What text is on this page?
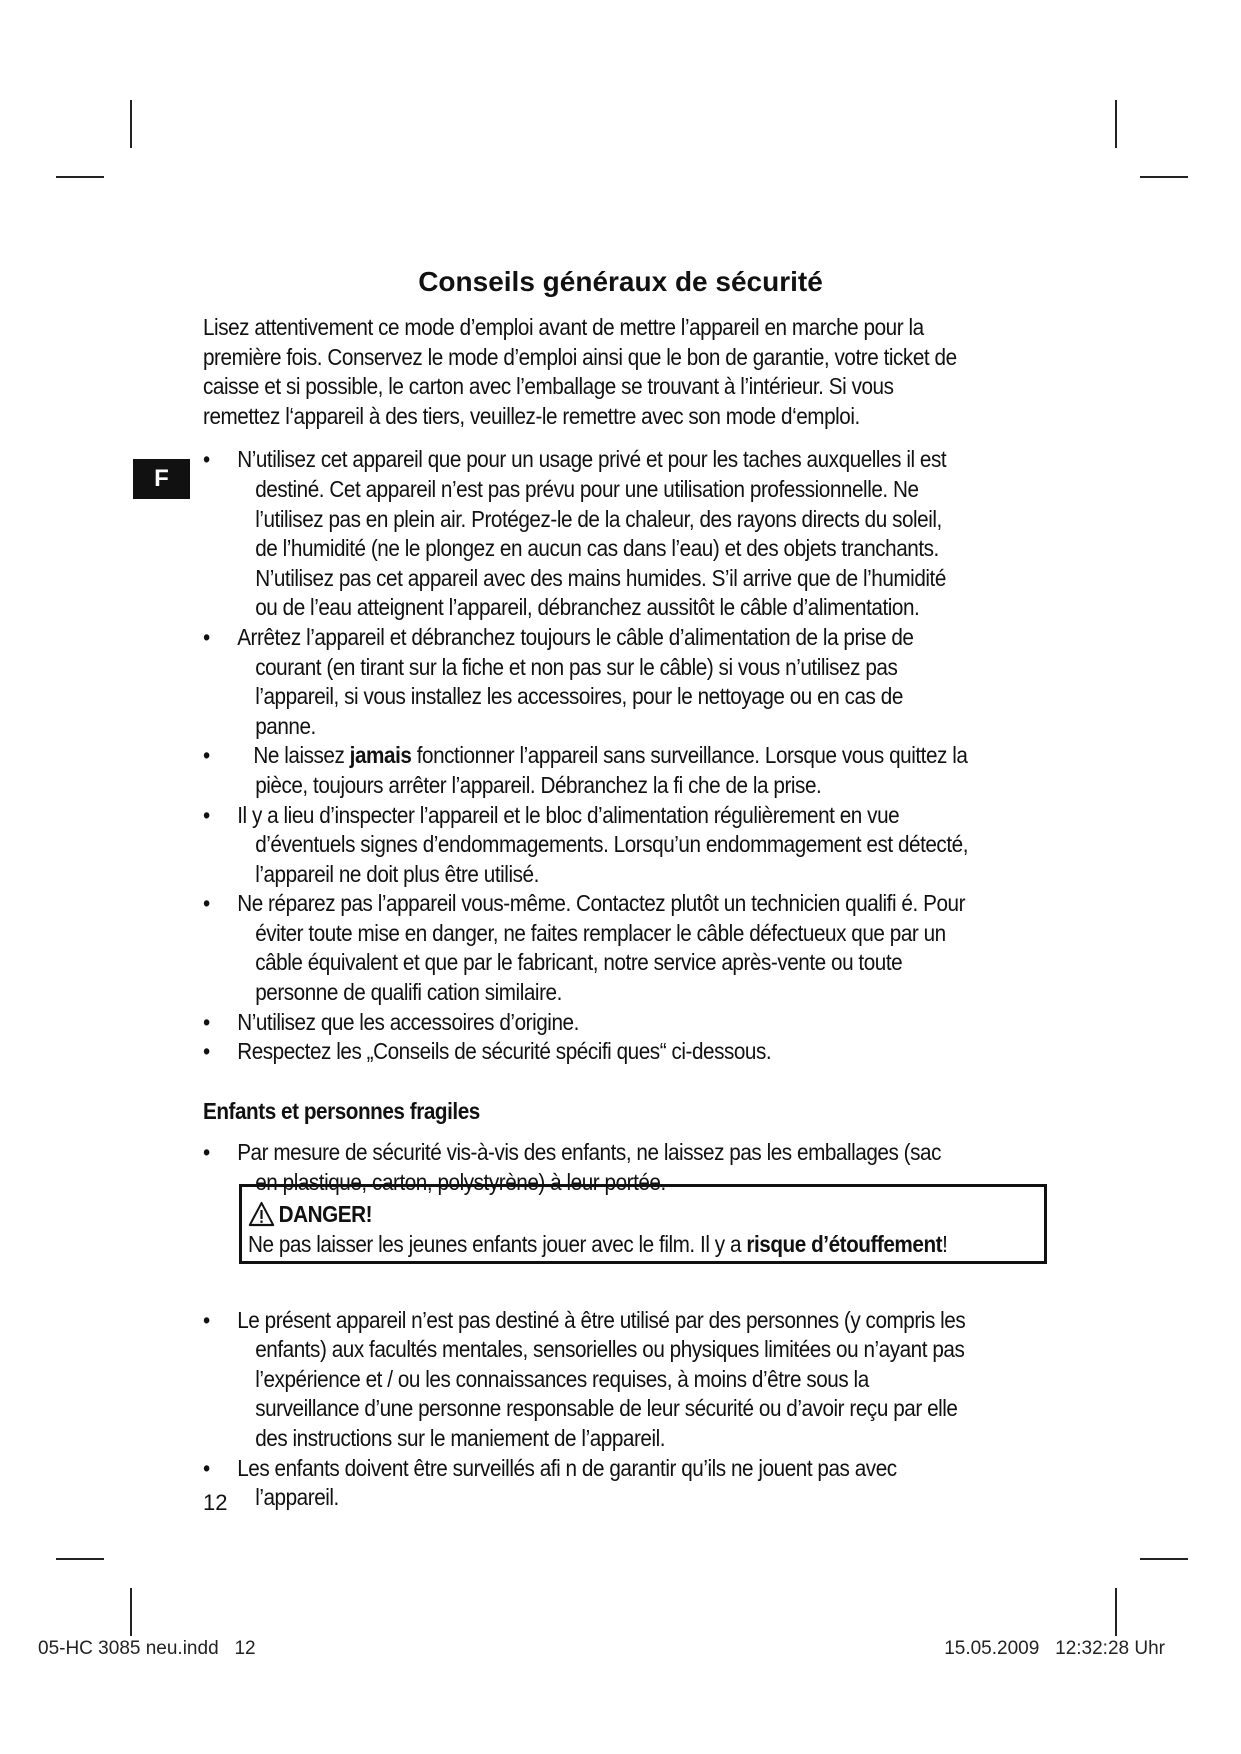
F
Conseils généraux de sécurité

Lisez attentivement ce mode d’emploi avant de mettre l’appareil en marche pour la première fois. Conservez le mode d’emploi ainsi que le bon de garantie, votre ticket de caisse et si possible, le carton avec l’emballage se trouvant à l’intérieur. Si vous remettez l‘appareil à des tiers, veuillez-le remettre avec son mode d‘emploi.

• N’utilisez cet appareil que pour un usage privé et pour les taches auxquelles il est destiné. Cet appareil n’est pas prévu pour une utilisation professionnelle. Ne l’utilisez pas en plein air. Protégez-le de la chaleur, des rayons directs du soleil, de l’humidité (ne le plongez en aucun cas dans l’eau) et des objets tranchants. N’utilisez pas cet appareil avec des mains humides. S’il arrive que de l’humidité ou de l’eau atteignent l’appareil, débranchez aussitôt le câble d’alimentation.
• Arrêtez l’appareil et débranchez toujours le câble d’alimentation de la prise de courant (en tirant sur la fiche et non pas sur le câble) si vous n’utilisez pas l’appareil, si vous installez les accessoires, pour le nettoyage ou en cas de panne.
• Ne laissez jamais fonctionner l’appareil sans surveillance. Lorsque vous quittez la pièce, toujours arrêter l’appareil. Débranchez la fi che de la prise.
• Il y a lieu d’inspecter l’appareil et le bloc d’alimentation régulièrement en vue d’éventuels signes d’endommagements. Lorsqu’un endommagement est détecté, l’appareil ne doit plus être utilisé.
• Ne réparez pas l’appareil vous-même. Contactez plutôt un technicien qualifi é. Pour éviter toute mise en danger, ne faites remplacer le câble défectueux que par un câble équivalent et que par le fabricant, notre service après-vente ou toute personne de qualifi cation similaire.
• N’utilisez que les accessoires d’origine.
• Respectez les „Conseils de sécurité spécifi ques“ ci-dessous.
Enfants et personnes fragiles
• Par mesure de sécurité vis-à-vis des enfants, ne laissez pas les emballages (sac en plastique, carton, polystyrène) à leur portée.
• Le présent appareil n’est pas destiné à être utilisé par des personnes (y compris les enfants) aux facultés mentales, sensorielles ou physiques limitées ou n’ayant pas l’expérience et / ou les connaissances requises, à moins d’être sous la surveillance d’une personne responsable de leur sécurité ou d’avoir reçu par elle des instructions sur le maniement de l’appareil.
• Les enfants doivent être surveillés afi n de garantir qu’ils ne jouent pas avec l’appareil.
DANGER!
Ne pas laisser les jeunes enfants jouer avec le film. Il y a risque d’étouffement!
12
05-HC 3085 neu.indd   12	15.05.2009   12:32:28 Uhr
